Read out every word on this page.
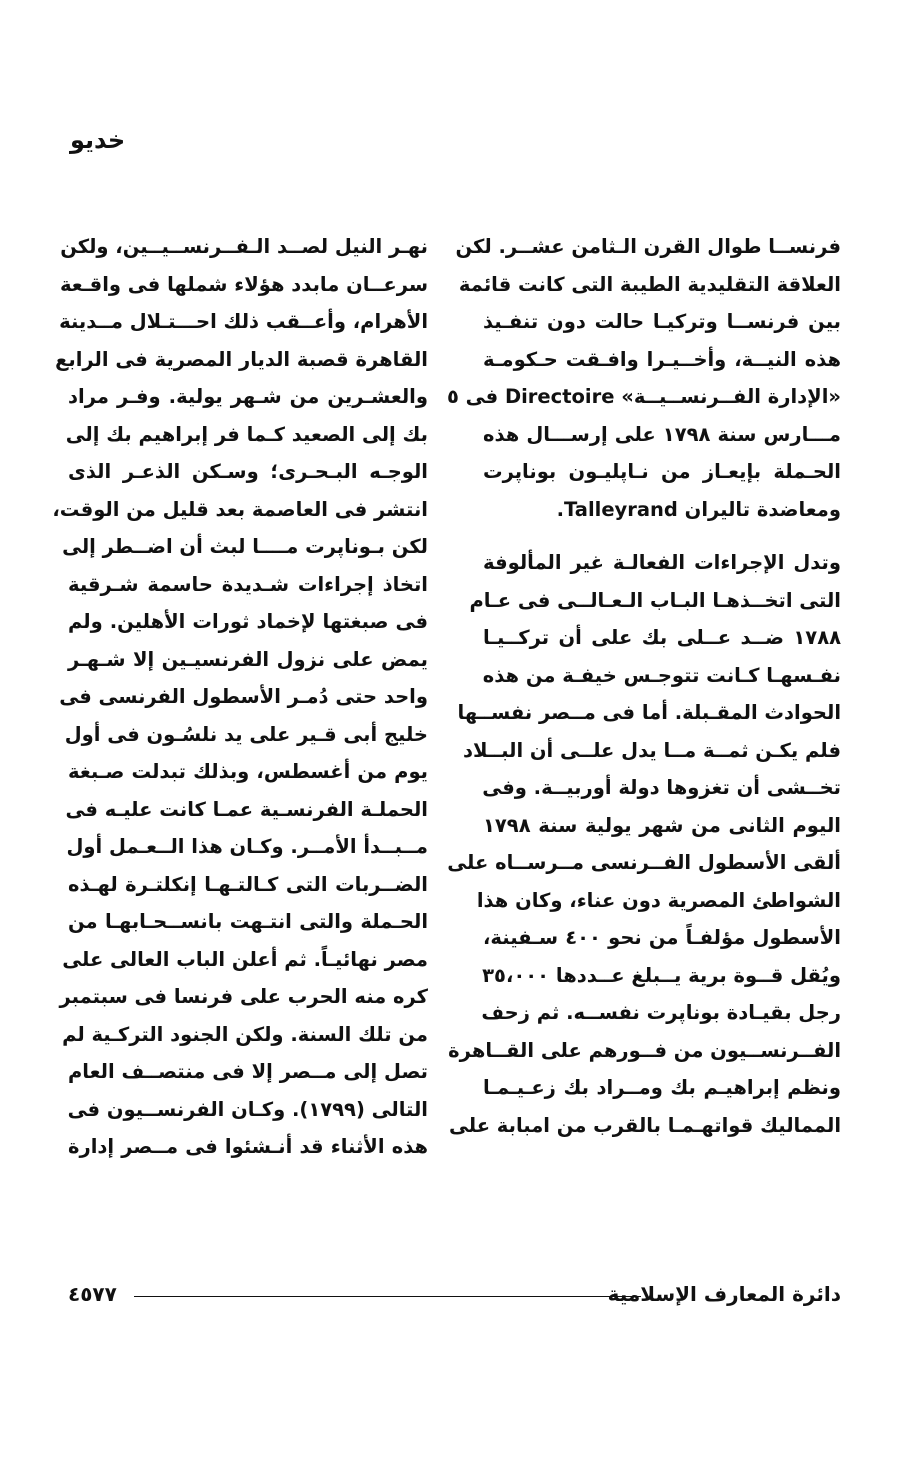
خديو
فرنســا طوال القرن الـثامن عشــر. لكن
العلاقة التقليدية الطيبة التى كانت قائمة
بين فرنســا وتركيـا حالت دون تنفـيذ
هذه النيــة، وأخــيـرا وافـقت حـكومـة
«الإدارة الفــرنســيــة» Directoire فى ٥
مـــارس سنة ١٧٩٨ على إرســـال هذه
الحـملة بإيعـاز من نـاپليـون بوناپرت
ومعاضدة تاليران Talleyrand.
وتدل الإجراءات الفعالـة غير المألوفة
التى اتخــذهـا البـاب الـعـالــى فى عـام
١٧٨٨ ضــد عــلى بك على أن تركــيـا
نفـسهـا كـانت تتوجـس خيفـة من هذه
الحوادث المقـبلة. أما فى مــصر نفســها
فلم يكـن ثمــة مــا يدل علــى أن البــلاد
تخــشى أن تغزوها دولة أوربيــة. وفى
اليوم الثانى من شهر يولية سنة ١٧٩٨
ألقى الأسطول الفــرنسى مــرســاه على
الشواطئ المصرية دون عناء، وكان هذا
الأسطول مؤلفـاً من نحو ٤٠٠ سـفينة،
ويُقل قــوة برية يــبلغ عــددها ٣٥،٠٠٠
رجل بقيـادة بوناپرت نفســه. ثم زحف
الفــرنســيون من فــورهم على القــاهرة
ونظم إبراهيـم بك ومــراد بك زعـيـمـا
المماليك قواتهـمـا بالقرب من امبابة على
نهـر النيل لصــد الـفــرنســيــين، ولكن
سرعــان مابدد هؤلاء شملها فى واقـعة
الأهرام، وأعــقب ذلك احـــتـلال مــدينة
القاهرة قصبة الديار المصرية فى الرابع
والعشـرين من شـهر يولية. وفـر مراد
بك إلى الصعيد كـما فر إبراهيم بك إلى
الوجـه البـحـرى؛ وسـكن الذعـر الذى
انتشر فى العاصمة بعد قليل من الوقت،
لكن بـوناپرت مــــا لبث أن اضــطر إلى
اتخاذ إجراءات شـديدة حاسمة شـرقية
فى صبغتها لإخماد ثورات الأهلين. ولم
يمض على نزول الفرنسيـين إلا شـهـر
واحد حتى دُمـر الأسطول الفرنسى فى
خليج أبى قـير على يد نلسُـون فى أول
يوم من أغسطس، وبذلك تبدلت صـبغة
الحملـة الفرنسـية عمـا كانت عليـه فى
مــبــدأ الأمــر. وكـان هذا الــعـمل أول
الضــربات التى كـالتـهـا إنكلتـرة لهـذه
الحـملة والتى انتـهت بانســحـابهـا من
مصر نهائيـاً. ثم أعلن الباب العالى على
كره منه الحرب على فرنسا فى سبتمبر
من تلك السنة. ولكن الجنود التركـية لم
تصل إلى مــصر إلا فى منتصــف العام
التالى (١٧٩٩). وكـان الفرنســيون فى
هذه الأثناء قد أنـشئوا فى مــصر إدارة
دائرة المعارف الإسلامية
٤٥٧٧
